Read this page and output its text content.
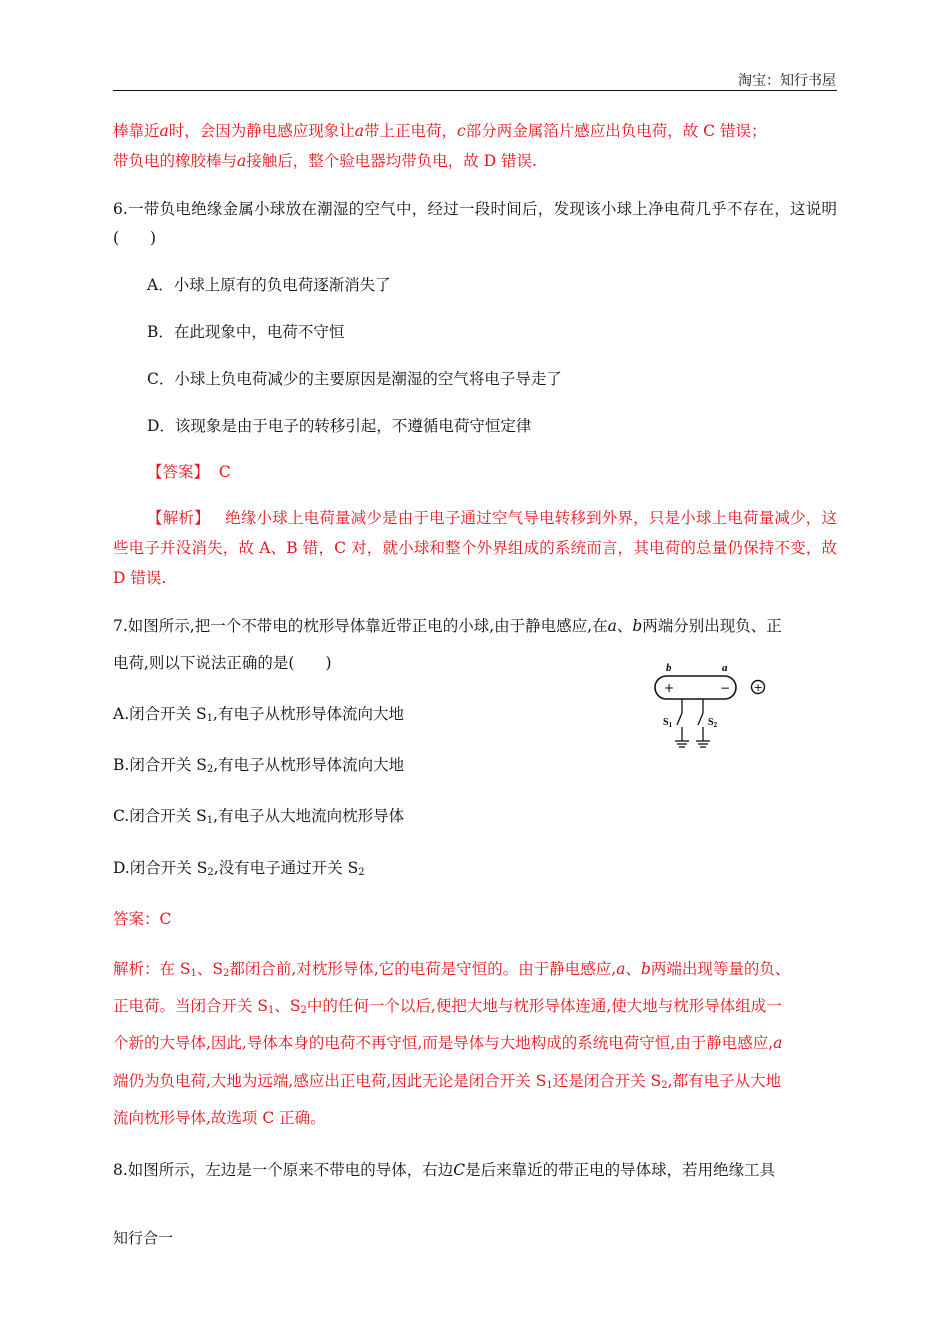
淘宝：知行书屋

棒靠近a时，会因为静电感应现象让a带上正电荷，c部分两金属箔片感应出负电荷，故 C 错误；

带负电的橡胶棒与a接触后，整个验电器均带负电，故 D 错误.

6.一带负电绝缘金属小球放在潮湿的空气中，经过一段时间后，发现该小球上净电荷几乎不存在，这说明(　　)

A．小球上原有的负电荷逐渐消失了

B．在此现象中，电荷不守恒

C．小球上负电荷减少的主要原因是潮湿的空气将电子导走了

D．该现象是由于电子的转移引起，不遵循电荷守恒定律

【答案】 C

【解析】 绝缘小球上电荷量减少是由于电子通过空气导电转移到外界，只是小球上电荷量减少，这些电子并没消失，故 A、B 错，C 对，就小球和整个外界组成的系统而言，其电荷的总量仍保持不变，故 D 错误.

7.如图所示,把一个不带电的枕形导体靠近带正电的小球,由于静电感应,在a、b两端分别出现负、正

电荷,则以下说法正确的是(　　)

A.闭合开关 $S_1$,有电子从枕形导体流向大地

B.闭合开关 $S_2$,有电子从枕形导体流向大地

C.闭合开关 $S_1$,有电子从大地流向枕形导体

D.闭合开关 $S_2$,没有电子通过开关 $S_2$

答案：C

解析：在 $S_1$、$S_2$都闭合前,对枕形导体,它的电荷是守恒的。由于静电感应,a、b两端出现等量的负、

正电荷。当闭合开关 $S_1$、$S_2$中的任何一个以后,便把大地与枕形导体连通,使大地与枕形导体组成一

个新的大导体,因此,导体本身的电荷不再守恒,而是导体与大地构成的系统电荷守恒,由于静电感应,a

端仍为负电荷,大地为远端,感应出正电荷,因此无论是闭合开关 $S_1$还是闭合开关 $S_2$,都有电子从大地

流向枕形导体,故选项 C 正确。

b	a
+	− +
$S_1$	$S_2$

8.如图所示，左边是一个原来不带电的导体，右边C是后来靠近的带正电的导体球，若用绝缘工具

知行合一
